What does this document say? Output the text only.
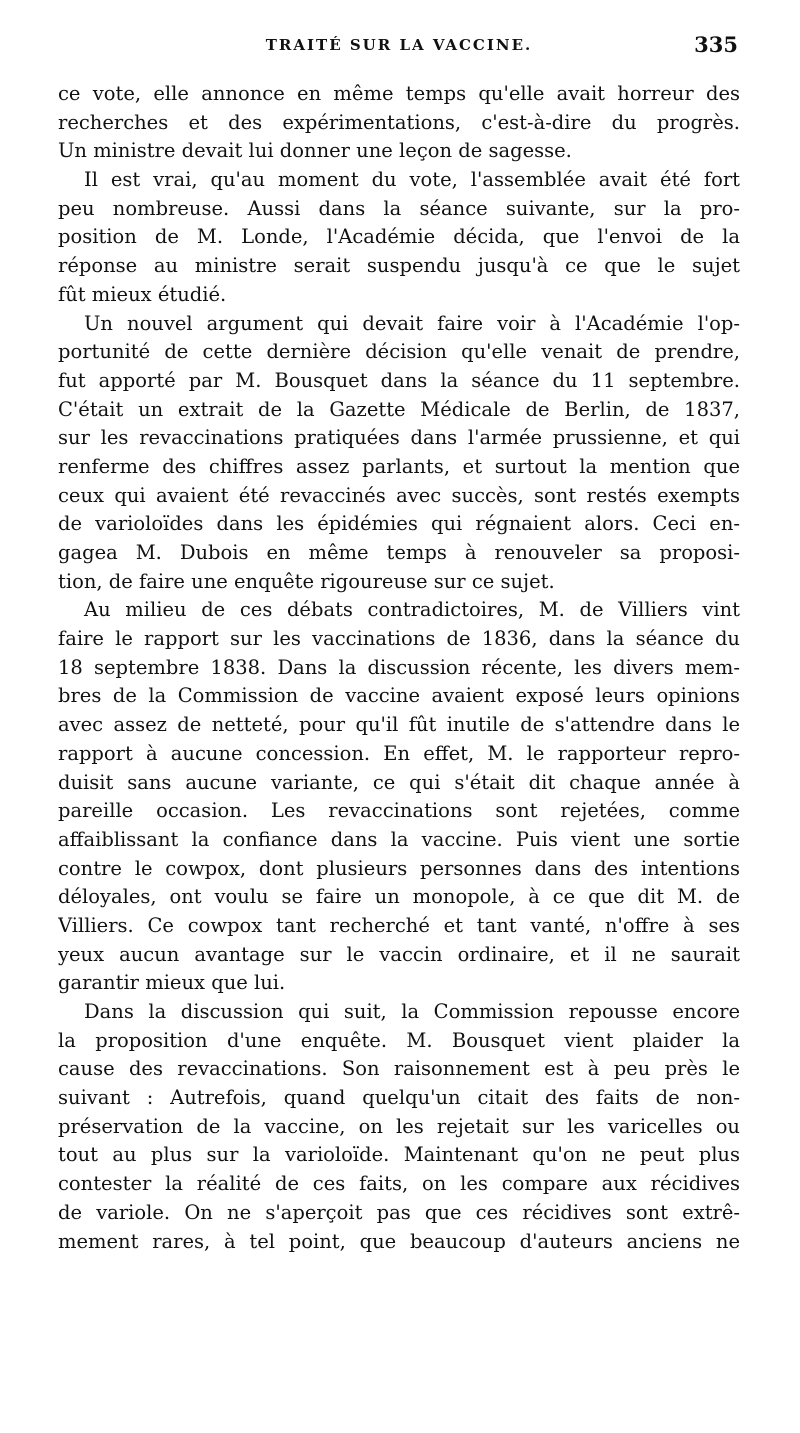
TRAITÉ SUR LA VACCINE.	335
ce vote, elle annonce en même temps qu'elle avait horreur des
recherches et des expérimentations, c'est-à-dire du progrès.
Un ministre devait lui donner une leçon de sagesse.
Il est vrai, qu'au moment du vote, l'assemblée avait été fort
peu nombreuse. Aussi dans la séance suivante, sur la pro-
position de M. Londe, l'Académie décida, que l'envoi de la
réponse au ministre serait suspendu jusqu'à ce que le sujet
fût mieux étudié.
Un nouvel argument qui devait faire voir à l'Académie l'op-
portunité de cette dernière décision qu'elle venait de prendre,
fut apporté par M. Bousquet dans la séance du 11 septembre.
C'était un extrait de la Gazette Médicale de Berlin, de 1837,
sur les revaccinations pratiquées dans l'armée prussienne, et qui
renferme des chiffres assez parlants, et surtout la mention que
ceux qui avaient été revaccinés avec succès, sont restés exempts
de varioloïdes dans les épidémies qui régnaient alors. Ceci en-
gagea M. Dubois en même temps à renouveler sa proposi-
tion, de faire une enquête rigoureuse sur ce sujet.
Au milieu de ces débats contradictoires, M. de Villiers vint
faire le rapport sur les vaccinations de 1836, dans la séance du
18 septembre 1838. Dans la discussion récente, les divers mem-
bres de la Commission de vaccine avaient exposé leurs opinions
avec assez de netteté, pour qu'il fût inutile de s'attendre dans le
rapport à aucune concession. En effet, M. le rapporteur repro-
duisit sans aucune variante, ce qui s'était dit chaque année à
pareille occasion. Les revaccinations sont rejetées, comme
affaiblissant la confiance dans la vaccine. Puis vient une sortie
contre le cowpox, dont plusieurs personnes dans des intentions
déloyales, ont voulu se faire un monopole, à ce que dit M. de
Villiers. Ce cowpox tant recherché et tant vanté, n'offre à ses
yeux aucun avantage sur le vaccin ordinaire, et il ne saurait
garantir mieux que lui.
Dans la discussion qui suit, la Commission repousse encore
la proposition d'une enquête. M. Bousquet vient plaider la
cause des revaccinations. Son raisonnement est à peu près le
suivant : Autrefois, quand quelqu'un citait des faits de non-
préservation de la vaccine, on les rejetait sur les varicelles ou
tout au plus sur la varioloïde. Maintenant qu'on ne peut plus
contester la réalité de ces faits, on les compare aux récidives
de variole. On ne s'aperçoit pas que ces récidives sont extrê-
mement rares, à tel point, que beaucoup d'auteurs anciens ne
